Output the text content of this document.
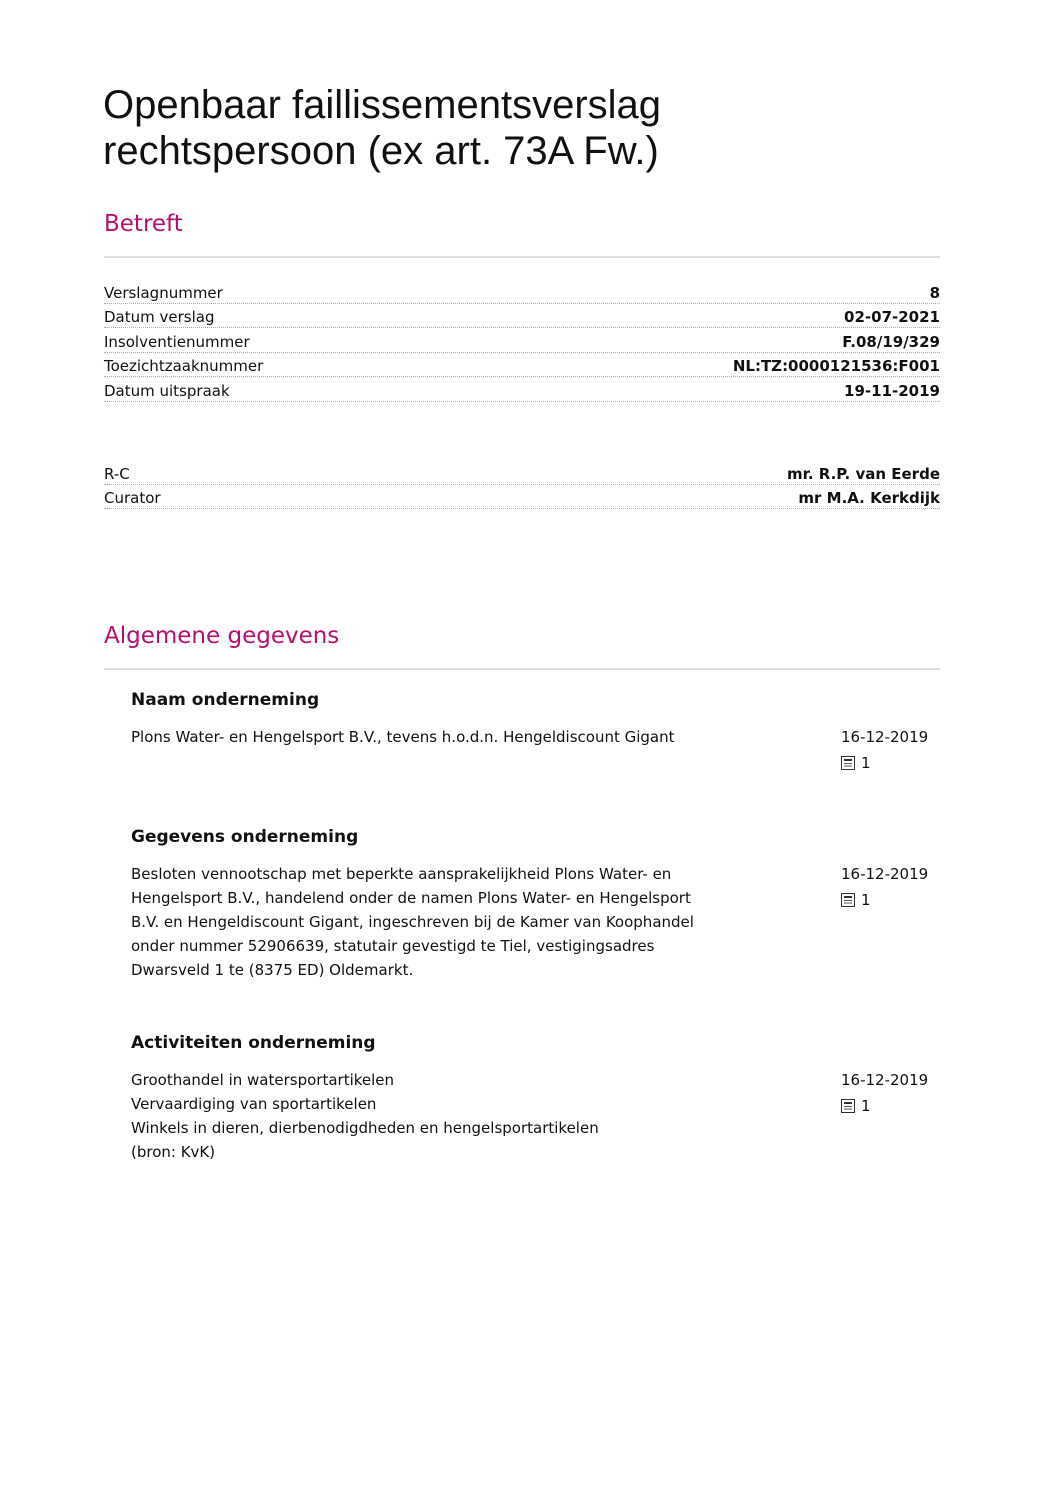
Openbaar faillissementsverslag
rechtspersoon (ex art. 73A Fw.)
Betreft
Verslagnummer	8
Datum verslag	02-07-2021
Insolventienummer	F.08/19/329
Toezichtzaaknummer	NL:TZ:0000121536:F001
Datum uitspraak	19-11-2019
R-C	mr. R.P. van Eerde
Curator	mr M.A. Kerkdijk
Algemene gegevens
Naam onderneming
Plons Water- en Hengelsport B.V., tevens h.o.d.n. Hengeldiscount Gigant	16-12-2019
1
Gegevens onderneming
Besloten vennootschap met beperkte aansprakelijkheid Plons Water- en
Hengelsport B.V., handelend onder de namen Plons Water- en Hengelsport
B.V. en Hengeldiscount Gigant, ingeschreven bij de Kamer van Koophandel
onder nummer 52906639, statutair gevestigd te Tiel, vestigingsadres
Dwarsveld 1 te (8375 ED) Oldemarkt.
16-12-2019
1
Activiteiten onderneming
Groothandel in watersportartikelen
Vervaardiging van sportartikelen
Winkels in dieren, dierbenodigdheden en hengelsportartikelen
(bron: KvK)
16-12-2019
1
